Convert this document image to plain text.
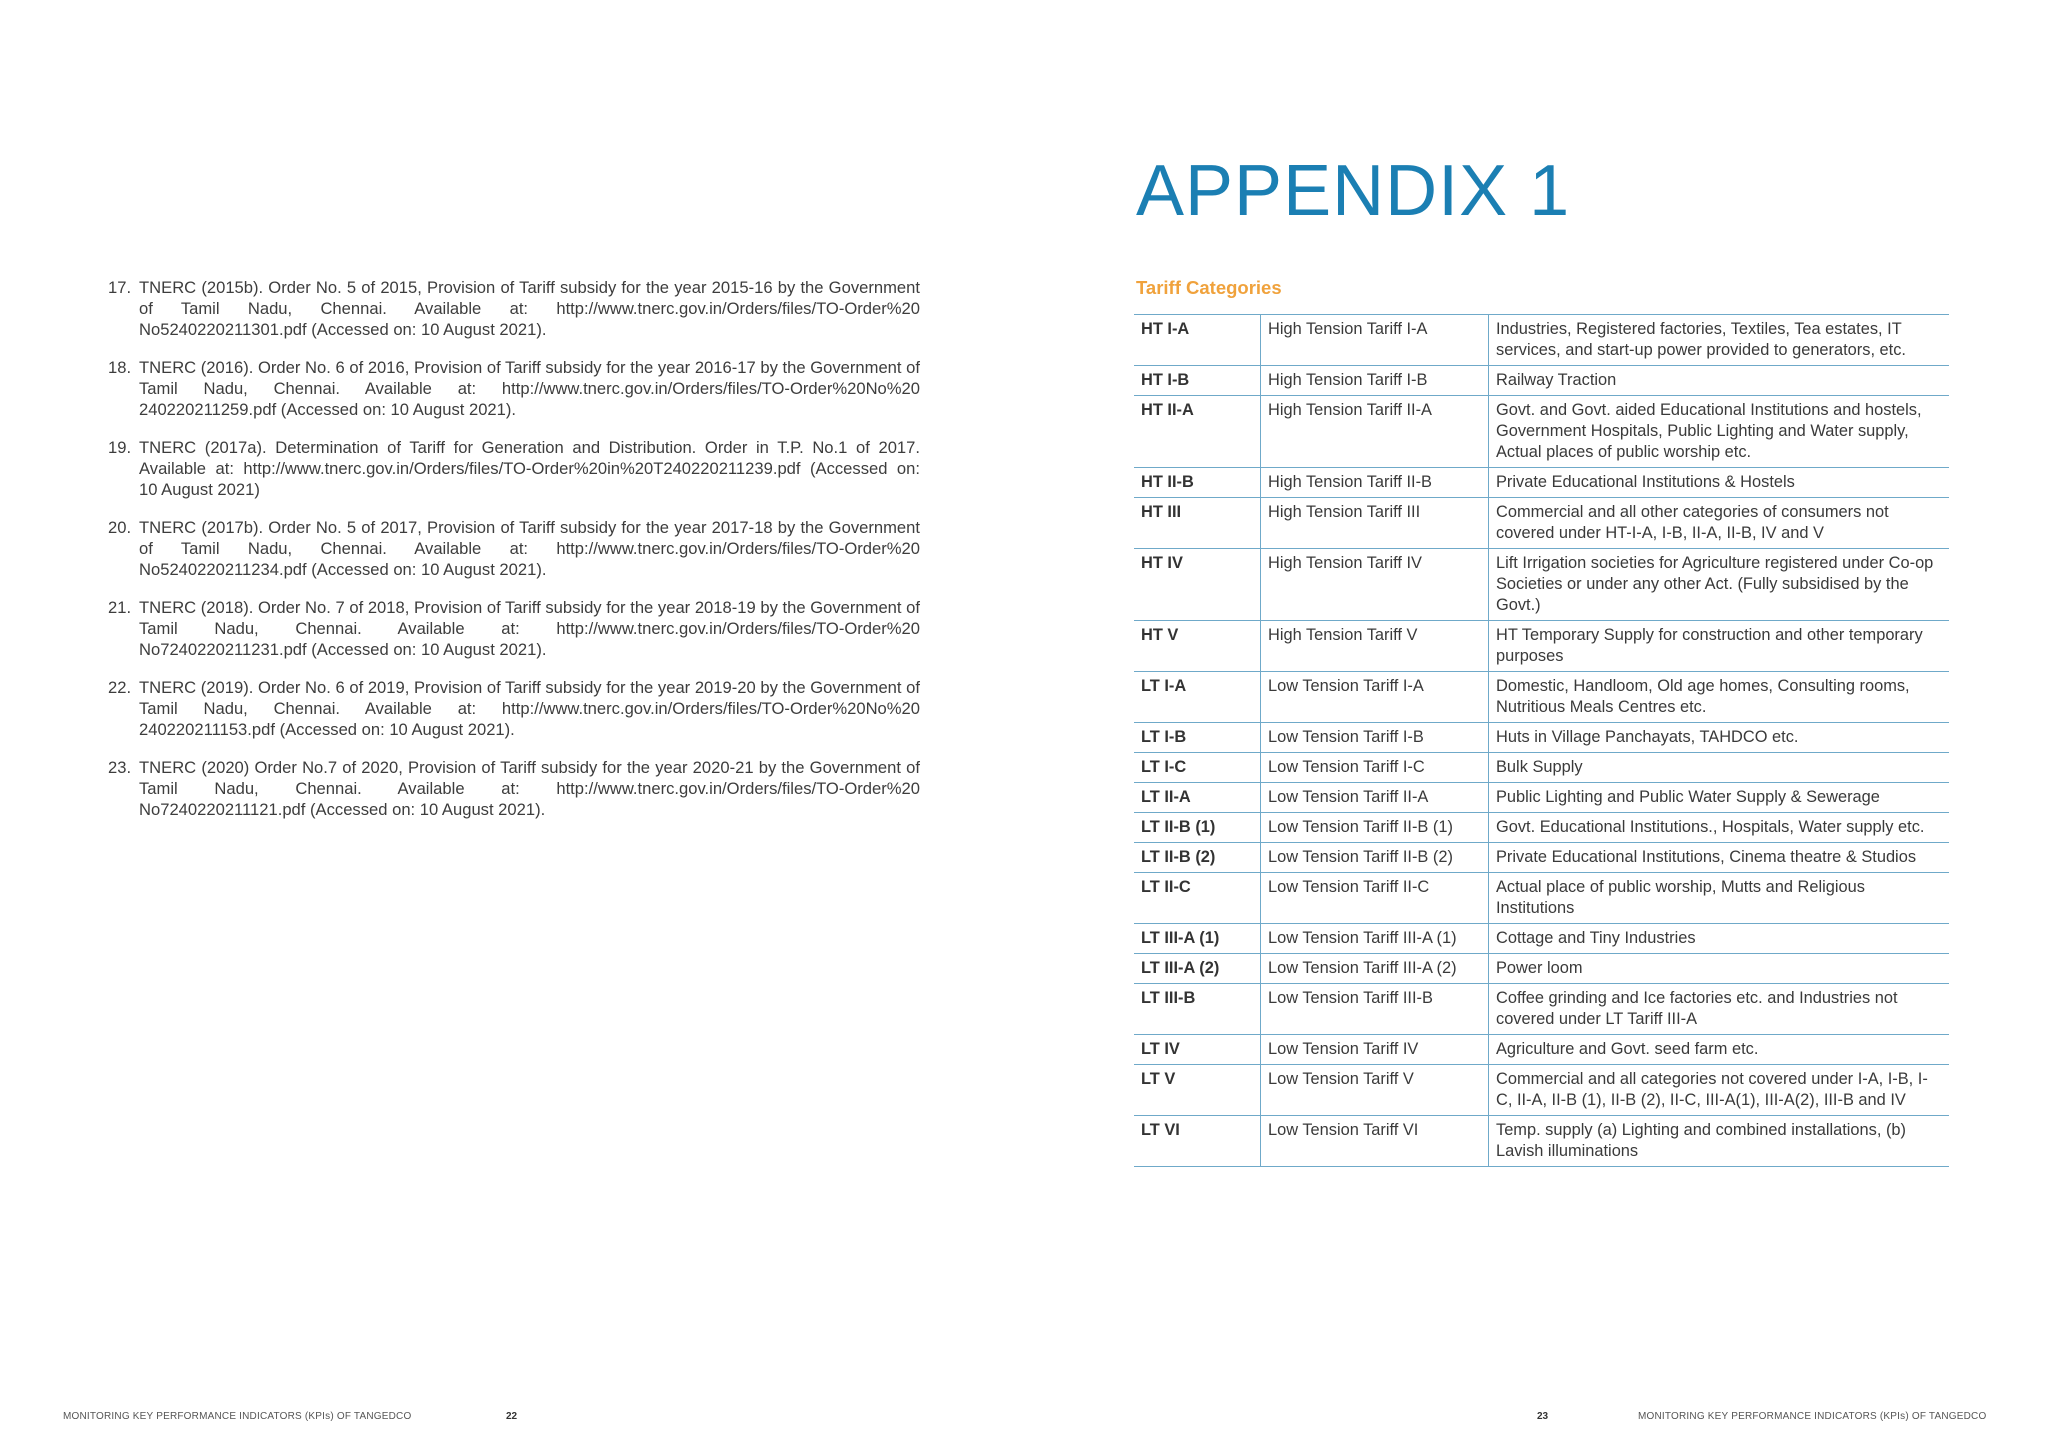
17. TNERC (2015b). Order No. 5 of 2015, Provision of Tariff subsidy for the year 2015-16 by the Government of Tamil Nadu, Chennai. Available at: http://www.tnerc.gov.in/Orders/files/TO-Order%20 No5240220211301.pdf (Accessed on: 10 August 2021).
18. TNERC (2016). Order No. 6 of 2016, Provision of Tariff subsidy for the year 2016-17 by the Government of Tamil Nadu, Chennai. Available at: http://www.tnerc.gov.in/Orders/files/TO-Order%20No%20 240220211259.pdf (Accessed on: 10 August 2021).
19. TNERC (2017a). Determination of Tariff for Generation and Distribution. Order in T.P. No.1 of 2017. Available at: http://www.tnerc.gov.in/Orders/files/TO-Order%20in%20T240220211239.pdf (Accessed on: 10 August 2021)
20. TNERC (2017b). Order No. 5 of 2017, Provision of Tariff subsidy for the year 2017-18 by the Government of Tamil Nadu, Chennai. Available at: http://www.tnerc.gov.in/Orders/files/TO-Order%20 No5240220211234.pdf (Accessed on: 10 August 2021).
21. TNERC (2018). Order No. 7 of 2018, Provision of Tariff subsidy for the year 2018-19 by the Government of Tamil Nadu, Chennai. Available at: http://www.tnerc.gov.in/Orders/files/TO-Order%20 No7240220211231.pdf (Accessed on: 10 August 2021).
22. TNERC (2019). Order No. 6 of 2019, Provision of Tariff subsidy for the year 2019-20 by the Government of Tamil Nadu, Chennai. Available at: http://www.tnerc.gov.in/Orders/files/TO-Order%20No%20 240220211153.pdf (Accessed on: 10 August 2021).
23. TNERC (2020) Order No.7 of 2020, Provision of Tariff subsidy for the year 2020-21 by the Government of Tamil Nadu, Chennai. Available at: http://www.tnerc.gov.in/Orders/files/TO-Order%20 No7240220211121.pdf (Accessed on: 10 August 2021).

MONITORING KEY PERFORMANCE INDICATORS (KPIs) OF TANGEDCO	22

APPENDIX 1
Tariff Categories
HT I-A	High Tension Tariff I-A	Industries, Registered factories, Textiles, Tea estates, IT services, and start-up power provided to generators, etc.
HT I-B	High Tension Tariff I-B	Railway Traction
HT II-A	High Tension Tariff II-A	Govt. and Govt. aided Educational Institutions and hostels, Government Hospitals, Public Lighting and Water supply, Actual places of public worship etc.
HT II-B	High Tension Tariff II-B	Private Educational Institutions & Hostels
HT III	High Tension Tariff III	Commercial and all other categories of consumers not covered under HT-I-A, I-B, II-A, II-B, IV and V
HT IV	High Tension Tariff IV	Lift Irrigation societies for Agriculture registered under Co-op Societies or under any other Act. (Fully subsidised by the Govt.)
HT V	High Tension Tariff V	HT Temporary Supply for construction and other temporary purposes
LT I-A	Low Tension Tariff I-A	Domestic, Handloom, Old age homes, Consulting rooms, Nutritious Meals Centres etc.
LT I-B	Low Tension Tariff I-B	Huts in Village Panchayats, TAHDCO etc.
LT I-C	Low Tension Tariff I-C	Bulk Supply
LT II-A	Low Tension Tariff II-A	Public Lighting and Public Water Supply & Sewerage
LT II-B (1)	Low Tension Tariff II-B (1)	Govt. Educational Institutions., Hospitals, Water supply etc.
LT II-B (2)	Low Tension Tariff II-B (2)	Private Educational Institutions, Cinema theatre & Studios
LT II-C	Low Tension Tariff II-C	Actual place of public worship, Mutts and Religious Institutions
LT III-A (1)	Low Tension Tariff III-A (1)	Cottage and Tiny Industries
LT III-A (2)	Low Tension Tariff III-A (2)	Power loom
LT III-B	Low Tension Tariff III-B	Coffee grinding and Ice factories etc. and Industries not covered under LT Tariff III-A
LT IV	Low Tension Tariff IV	Agriculture and Govt. seed farm etc.
LT V	Low Tension Tariff V	Commercial and all categories not covered under I-A, I-B, I-C, II-A, II-B (1), II-B (2), II-C, III-A(1), III-A(2), III-B and IV
LT VI	Low Tension Tariff VI	Temp. supply (a) Lighting and combined installations, (b) Lavish illuminations

23	MONITORING KEY PERFORMANCE INDICATORS (KPIs) OF TANGEDCO
